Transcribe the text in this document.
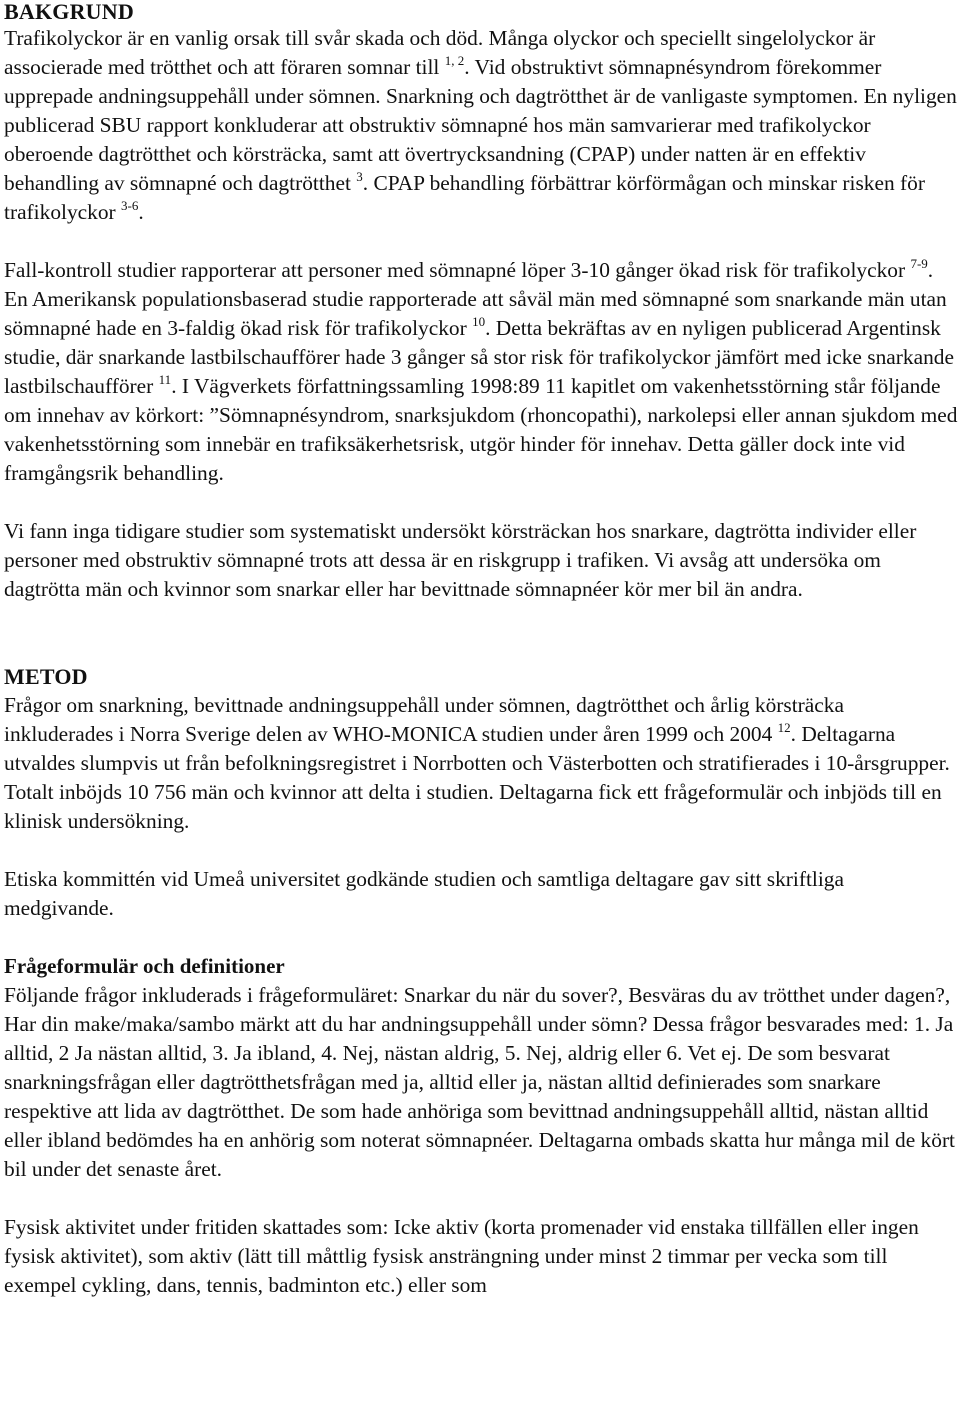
BAKGRUND

Trafikolyckor är en vanlig orsak till svår skada och död. Många olyckor och speciellt singelolyckor är associerade med trötthet och att föraren somnar till $^{1, 2}$. Vid obstruktivt sömnapnésyndrom förekommer upprepade andningsuppehåll under sömnen. Snarkning och dagtrötthet är de vanligaste symptomen. En nyligen publicerad SBU rapport konkluderar att obstruktiv sömnapné hos män samvarierar med trafikolyckor oberoende dagtrötthet och körsträcka, samt att övertrycksandning (CPAP) under natten är en effektiv behandling av sömnapné och dagtrötthet $^3$. CPAP behandling förbättrar körförmågan och minskar risken för trafikolyckor $^{3-6}$.

Fall-kontroll studier rapporterar att personer med sömnapné löper 3-10 gånger ökad risk för trafikolyckor $^{7-9}$. En Amerikansk populationsbaserad studie rapporterade att såväl män med sömnapné som snarkande män utan sömnapné hade en 3-faldig ökad risk för trafikolyckor $^{10}$. Detta bekräftas av en nyligen publicerad Argentinsk studie, där snarkande lastbilschaufförer hade 3 gånger så stor risk för trafikolyckor jämfört med icke snarkande lastbilschaufförer $^{11}$. I Vägverkets författningssamling 1998:89 11 kapitlet om vakenhetsstörning står följande om innehav av körkort: ”Sömnapnésyndrom, snarksjukdom (rhoncopathi), narkolepsi eller annan sjukdom med vakenhetsstörning som innebär en trafiksäkerhetsrisk, utgör hinder för innehav. Detta gäller dock inte vid framgångsrik behandling.

Vi fann inga tidigare studier som systematiskt undersökt körsträckan hos snarkare, dagtrötta individer eller personer med obstruktiv sömnapné trots att dessa är en riskgrupp i trafiken. Vi avsåg att undersöka om dagtrötta män och kvinnor som snarkar eller har bevittnade sömnapnéer kör mer bil än andra.

METOD

Frågor om snarkning, bevittnade andningsuppehåll under sömnen, dagtrötthet och årlig körsträcka inkluderades i Norra Sverige delen av WHO-MONICA studien under åren 1999 och 2004 $^{12}$. Deltagarna utvaldes slumpvis ut från befolkningsregistret i Norrbotten och Västerbotten och stratifierades i 10-årsgrupper. Totalt inböjds 10 756 män och kvinnor att delta i studien. Deltagarna fick ett frågeformulär och inbjöds till en klinisk undersökning.

Etiska kommittén vid Umeå universitet godkände studien och samtliga deltagare gav sitt skriftliga medgivande.

Frågeformulär och definitioner

Följande frågor inkluderads i frågeformuläret: Snarkar du när du sover?, Besväras du av trötthet under dagen?, Har din make/maka/sambo märkt att du har andningsuppehåll under sömn? Dessa frågor besvarades med: 1. Ja alltid, 2 Ja nästan alltid, 3. Ja ibland, 4. Nej, nästan aldrig, 5. Nej, aldrig eller 6. Vet ej. De som besvarat snarkningsfrågan eller dagtrötthetsfrågan med ja, alltid eller ja, nästan alltid definierades som snarkare respektive att lida av dagtrötthet. De som hade anhöriga som bevittnad andningsuppehåll alltid, nästan alltid eller ibland bedömdes ha en anhörig som noterat sömnapnéer. Deltagarna ombads skatta hur många mil de kört bil under det senaste året.

Fysisk aktivitet under fritiden skattades som: Icke aktiv (korta promenader vid enstaka tillfällen eller ingen fysisk aktivitet), som aktiv (lätt till måttlig fysisk ansträngning under minst 2 timmar per vecka som till exempel cykling, dans, tennis, badminton etc.) eller som
